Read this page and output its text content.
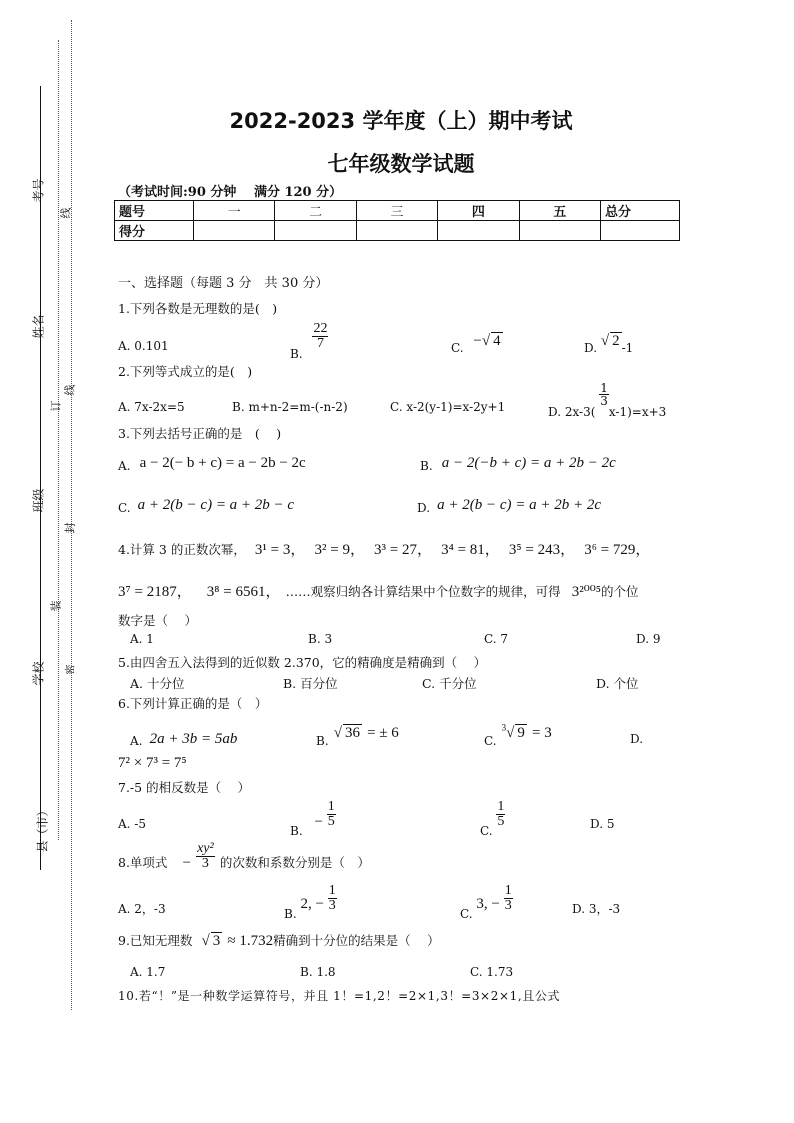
考号
姓名
班级
学校
县（市）
线
订
线
封
装
密
2022-2023 学年度（上）期中考试
七年级数学试题
（考试时间:90 分钟　 满分 120 分）
题号	一	二	三	四	五	总分
得分						
一、选择题（每题 3 分　共 30 分）
1.下列各数是无理数的是(　)
A. 0.101
B.
$\frac{22}{7}$	C. −√ 4	D. √ 2 -1
2.下列等式成立的是(　)
A. 7x-2x=5	B. m+n-2=m-(-n-2)	C. x-2(y-1)=x-2y+1	D. 2x-3(
$\frac{1}{3}$
x-1)=x+3
3.下列去括号正确的是　(　 )
A. a − 2(− b + c) = a − 2b − 2c	B. a − 2(−b + c) = a + 2b − 2c
C. a + 2(b − c) = a + 2b − c	D. a + 2(b − c) = a + 2b + 2c
4.计算 3 的正数次幂， 3¹ = 3， 3² = 9， 3³ = 27， 3⁴ = 81， 3⁵ = 243， 3⁶ = 729，
3⁷ = 2187， 3⁸ = 6561， ……观察归纳各计算结果中个位数字的规律，可得 3²⁰⁰⁵的个位
数字是（　 ）
A. 1	B. 3	C. 7	D. 9
5.由四舍五入法得到的近似数 2.370，它的精确度是精确到（　 ）
A. 十分位	B. 百分位	C. 千分位	D. 个位
6.下列计算正确的是（　）
A. 2a + 3b = 5ab	$_{B.}$ √ 36 = ± 6	$_{C.}$ $^3$√ 9 = 3	D.
7² × 7³ = 7⁵
7.-5 的相反数是（　 ）
A. -5	B. − $\frac{1}{5}$
C.
$\frac{1}{5}$	D. 5
$_{8.单项式} - \frac{\text{xy²}}{3} _{的次数和系数分别是( )}$
A. 2，-3	B. 2, − $\frac{1}{3}$
C. 3, − $\frac{1}{3}$	D. 3，-3
9.已知无理数 √ 3 ≈ 1.732精确到十分位的结果是（　 ）
A. 1.7	B. 1.8	C. 1.73
10.若“！”是一种数学运算符号，并且 1！=1,2！=2×1,3！=3×2×1,且公式
